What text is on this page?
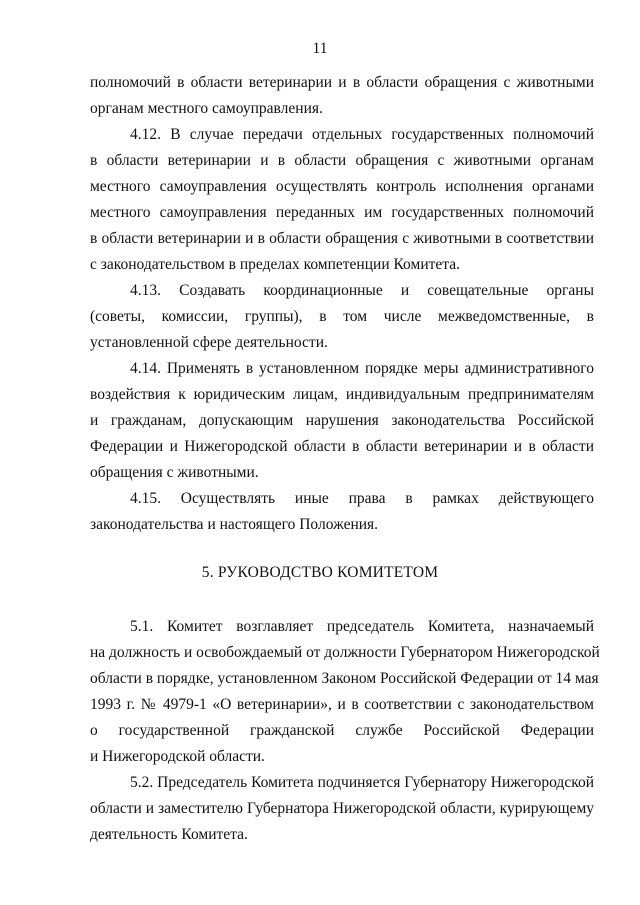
11
полномочий в области ветеринарии и в области обращения с животными
органам местного самоуправления.
4.12. В случае передачи отдельных государственных полномочий
в области ветеринарии и в области обращения с животными органам
местного самоуправления осуществлять контроль исполнения органами
местного самоуправления переданных им государственных полномочий
в области ветеринарии и в области обращения с животными в соответствии
с законодательством в пределах компетенции Комитета.
4.13. Создавать координационные и совещательные органы
(советы, комиссии, группы), в том числе межведомственные, в
установленной сфере деятельности.
4.14. Применять в установленном порядке меры административного
воздействия к юридическим лицам, индивидуальным предпринимателям
и гражданам, допускающим нарушения законодательства Российской
Федерации и Нижегородской области в области ветеринарии и в области
обращения с животными.
4.15. Осуществлять иные права в рамках действующего
законодательства и настоящего Положения.
5. РУКОВОДСТВО КОМИТЕТОМ
5.1. Комитет возглавляет председатель Комитета, назначаемый
на должность и освобождаемый от должности Губернатором Нижегородской
области в порядке, установленном Законом Российской Федерации от 14 мая
1993 г. № 4979-1 «О ветеринарии», и в соответствии с законодательством
о государственной гражданской службе Российской Федерации
и Нижегородской области.
5.2. Председатель Комитета подчиняется Губернатору Нижегородской
области и заместителю Губернатора Нижегородской области, курирующему
деятельность Комитета.
